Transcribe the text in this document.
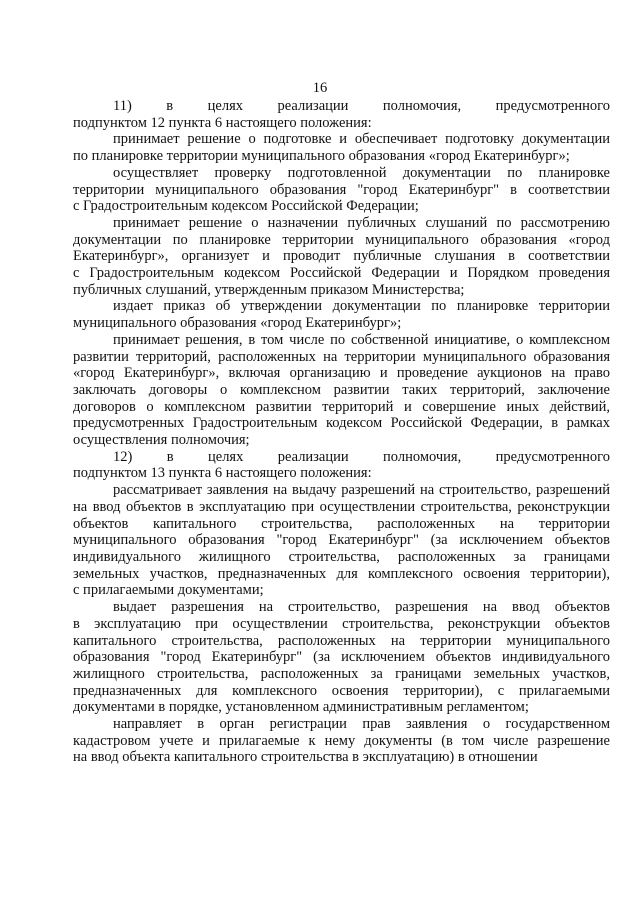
16

11) в целях реализации полномочия, предусмотренного
подпунктом 12 пункта 6 настоящего положения:

принимает решение о подготовке и обеспечивает подготовку документации
по планировке территории муниципального образования «город Екатеринбург»;

осуществляет проверку подготовленной документации по планировке
территории муниципального образования "город Екатеринбург" в соответствии
с Градостроительным кодексом Российской Федерации;

принимает решение о назначении публичных слушаний по рассмотрению
документации по планировке территории муниципального образования «город
Екатеринбург», организует и проводит публичные слушания в соответствии
с Градостроительным кодексом Российской Федерации и Порядком проведения
публичных слушаний, утвержденным приказом Министерства;

издает приказ об утверждении документации по планировке территории
муниципального образования «город Екатеринбург»;

принимает решения, в том числе по собственной инициативе, о комплексном
развитии территорий, расположенных на территории муниципального образования
«город Екатеринбург», включая организацию и проведение аукционов на право
заключать договоры о комплексном развитии таких территорий, заключение
договоров о комплексном развитии территорий и совершение иных действий,
предусмотренных Градостроительным кодексом Российской Федерации, в рамках
осуществления полномочия;

12) в целях реализации полномочия, предусмотренного
подпунктом 13 пункта 6 настоящего положения:

рассматривает заявления на выдачу разрешений на строительство, разрешений
на ввод объектов в эксплуатацию при осуществлении строительства, реконструкции
объектов капитального строительства, расположенных на территории
муниципального образования "город Екатеринбург" (за исключением объектов
индивидуального жилищного строительства, расположенных за границами
земельных участков, предназначенных для комплексного освоения территории),
с прилагаемыми документами;

выдает разрешения на строительство, разрешения на ввод объектов
в эксплуатацию при осуществлении строительства, реконструкции объектов
капитального строительства, расположенных на территории муниципального
образования "город Екатеринбург" (за исключением объектов индивидуального
жилищного строительства, расположенных за границами земельных участков,
предназначенных для комплексного освоения территории), с прилагаемыми
документами в порядке, установленном административным регламентом;

направляет в орган регистрации прав заявления о государственном
кадастровом учете и прилагаемые к нему документы (в том числе разрешение
на ввод объекта капитального строительства в эксплуатацию) в отношении
